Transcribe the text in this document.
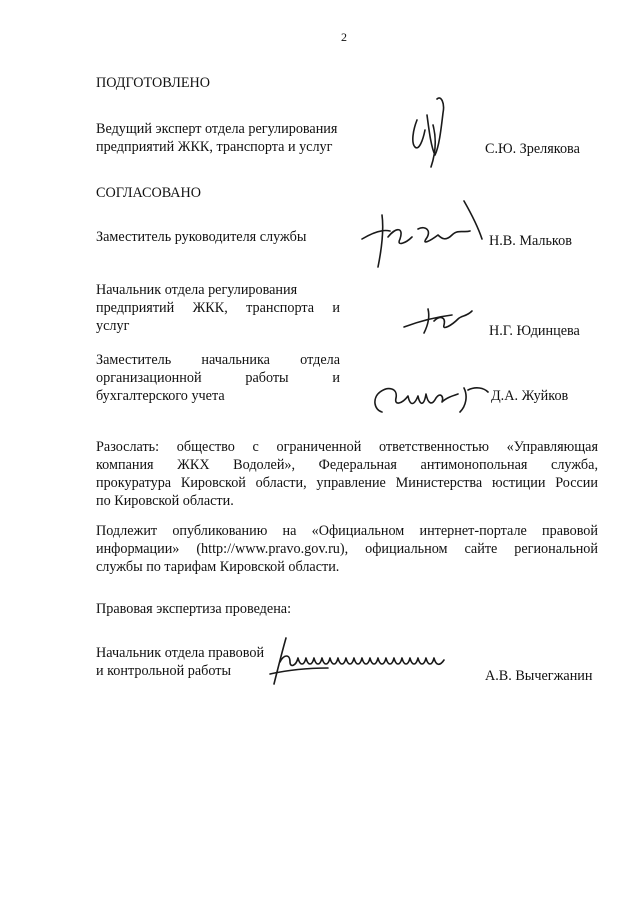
2
ПОДГОТОВЛЕНО
Ведущий эксперт отдела регулирования
предприятий ЖКК, транспорта и услуг	С.Ю. Зрелякова
СОГЛАСОВАНО
Заместитель руководителя службы	Н.В. Мальков
Начальник отдела регулирования
предприятий ЖКК, транспорта и
услуг	Н.Г. Юдинцева
Заместитель начальника отдела
организационной работы и
бухгалтерского учета	Д.А. Жуйков
Разослать: общество с ограниченной ответственностью «Управляющая
компания ЖКХ Водолей», Федеральная антимонопольная служба,
прокуратура Кировской области, управление Министерства юстиции России
по Кировской области.
Подлежит опубликованию на «Официальном интернет-портале правовой
информации» (http://www.pravo.gov.ru), официальном сайте региональной
службы по тарифам Кировской области.
Правовая экспертиза проведена:
Начальник отдела правовой
и контрольной работы	А.В. Вычегжанин
